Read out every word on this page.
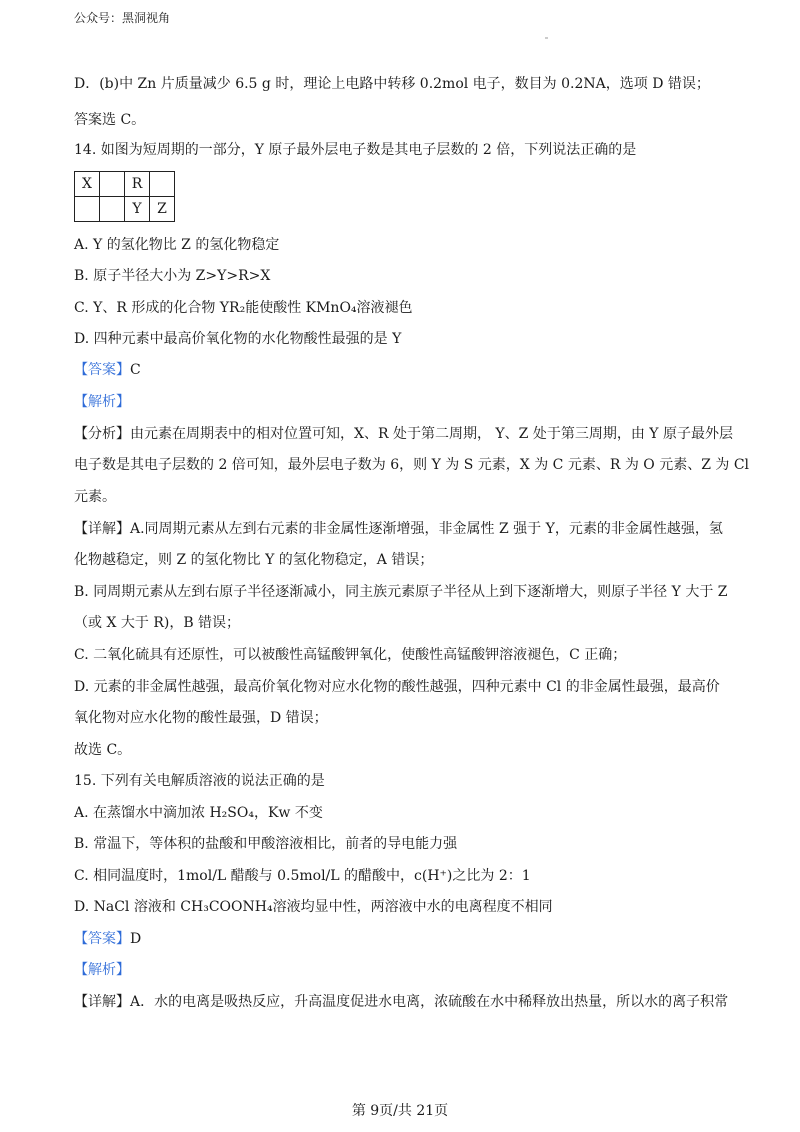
公众号：黑洞视角
D．(b)中 Zn 片质量减少 6.5 g 时，理论上电路中转移 0.2mol 电子，数目为 0.2NA，选项 D 错误；
答案选 C。
14. 如图为短周期的一部分，Y 原子最外层电子数是其电子层数的 2 倍，下列说法正确的是
X		R	
		Y	Z
A. Y 的氢化物比 Z 的氢化物稳定
B. 原子半径大小为 Z>Y>R>X
C. Y、R 形成的化合物 YR₂能使酸性 KMnO₄溶液褪色
D. 四种元素中最高价氧化物的水化物酸性最强的是 Y
【答案】C
【解析】
【分析】由元素在周期表中的相对位置可知，X、R 处于第二周期， Y、Z 处于第三周期，由 Y 原子最外层
电子数是其电子层数的 2 倍可知，最外层电子数为 6，则 Y 为 S 元素，X 为 C 元素、R 为 O 元素、Z 为 Cl
元素。
【详解】A.同周期元素从左到右元素的非金属性逐渐增强，非金属性 Z 强于 Y，元素的非金属性越强，氢
化物越稳定，则 Z 的氢化物比 Y 的氢化物稳定，A 错误；
B. 同周期元素从左到右原子半径逐渐减小，同主族元素原子半径从上到下逐渐增大，则原子半径 Y 大于 Z
（或 X 大于 R)，B 错误；
C. 二氧化硫具有还原性，可以被酸性高锰酸钾氧化，使酸性高锰酸钾溶液褪色，C 正确；
D. 元素的非金属性越强，最高价氧化物对应水化物的酸性越强，四种元素中 Cl 的非金属性最强，最高价
氧化物对应水化物的酸性最强，D 错误；
故选 C。
15. 下列有关电解质溶液的说法正确的是
A. 在蒸馏水中滴加浓 H₂SO₄，Kw 不变
B. 常温下，等体积的盐酸和甲酸溶液相比，前者的导电能力强
C. 相同温度时，1mol/L 醋酸与 0.5mol/L 的醋酸中，c(H⁺)之比为 2：1
D. NaCl 溶液和 CH₃COONH₄溶液均显中性，两溶液中水的电离程度不相同
【答案】D
【解析】
【详解】A．水的电离是吸热反应，升高温度促进水电离，浓硫酸在水中稀释放出热量，所以水的离子积常
第 9页/共 21页
